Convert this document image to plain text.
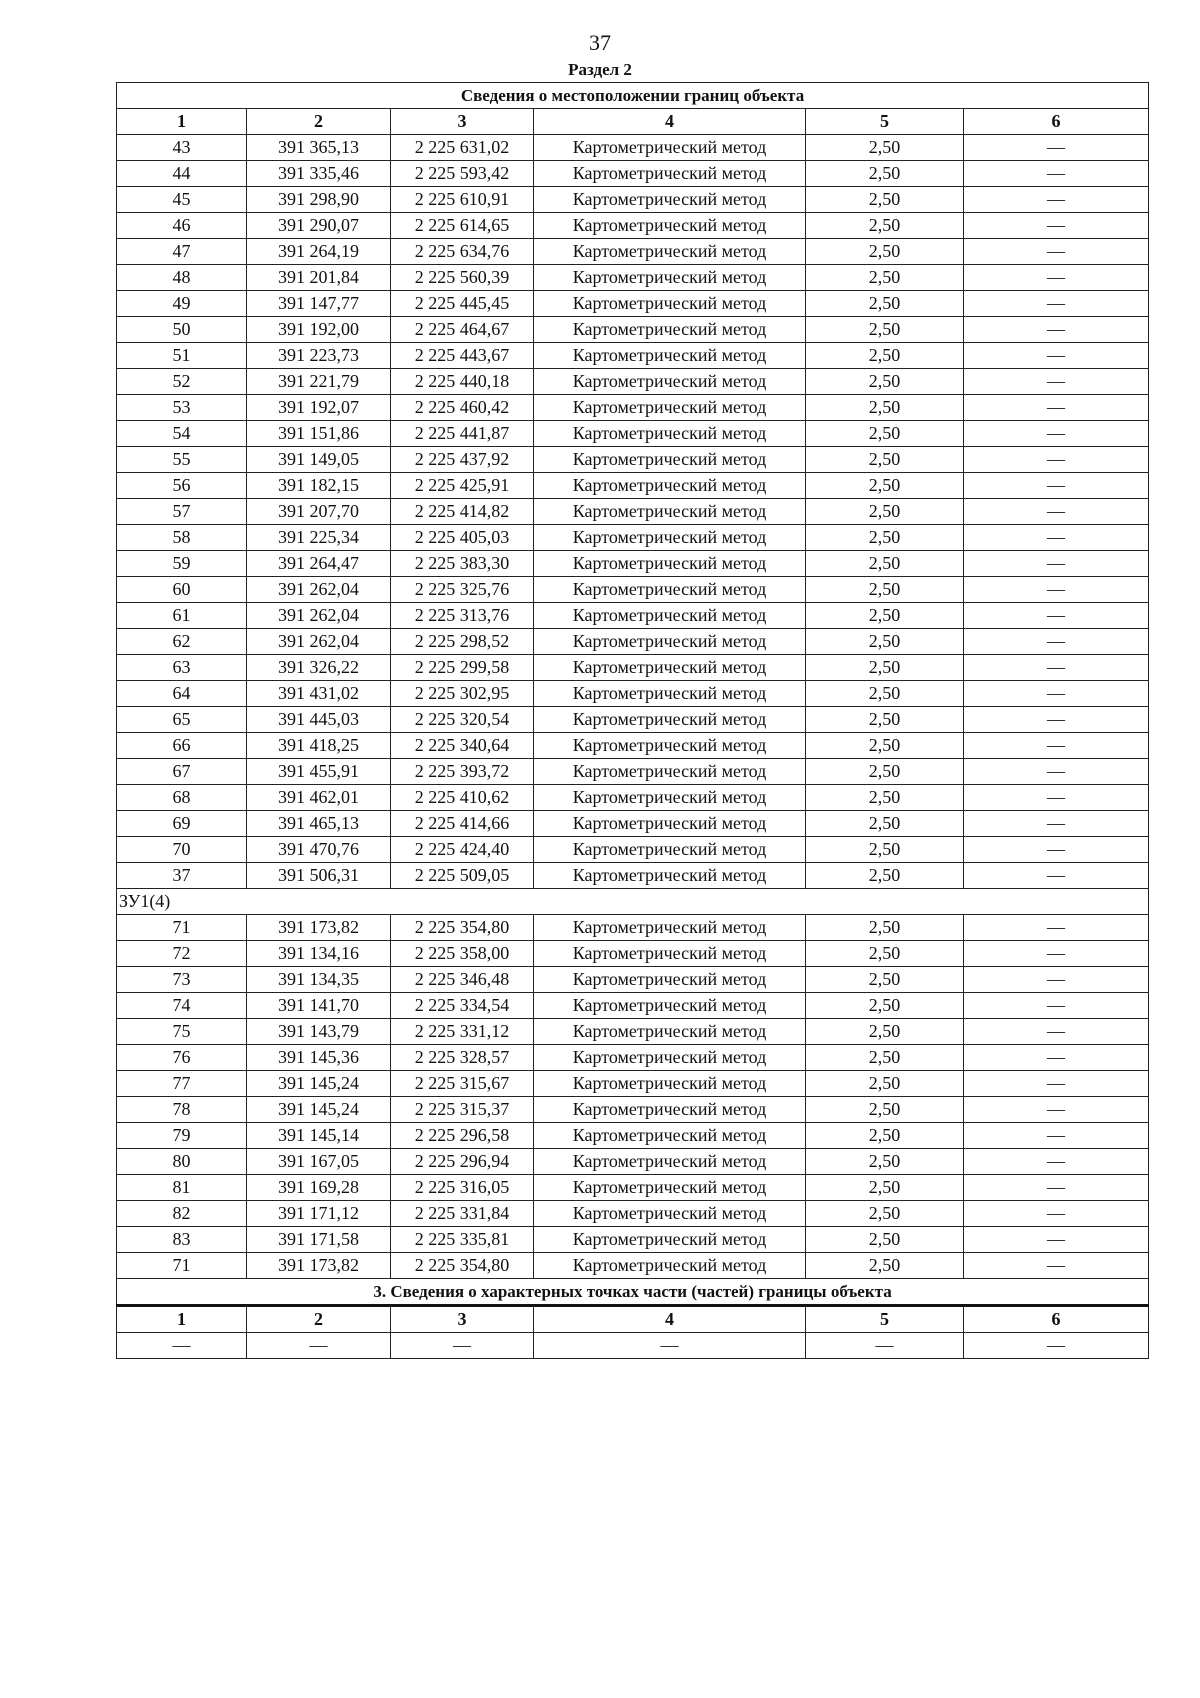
37
Сведения о местоположении границ объекта					
1	2	3	4	5	6
43	391 365,13	2 225 631,02	Картометрический метод	2,50	—
44	391 335,46	2 225 593,42	Картометрический метод	2,50	—
45	391 298,90	2 225 610,91	Картометрический метод	2,50	—
46	391 290,07	2 225 614,65	Картометрический метод	2,50	—
47	391 264,19	2 225 634,76	Картометрический метод	2,50	—
48	391 201,84	2 225 560,39	Картометрический метод	2,50	—
49	391 147,77	2 225 445,45	Картометрический метод	2,50	—
50	391 192,00	2 225 464,67	Картометрический метод	2,50	—
51	391 223,73	2 225 443,67	Картометрический метод	2,50	—
52	391 221,79	2 225 440,18	Картометрический метод	2,50	—
53	391 192,07	2 225 460,42	Картометрический метод	2,50	—
54	391 151,86	2 225 441,87	Картометрический метод	2,50	—
55	391 149,05	2 225 437,92	Картометрический метод	2,50	—
56	391 182,15	2 225 425,91	Картометрический метод	2,50	—
57	391 207,70	2 225 414,82	Картометрический метод	2,50	—
58	391 225,34	2 225 405,03	Картометрический метод	2,50	—
59	391 264,47	2 225 383,30	Картометрический метод	2,50	—
60	391 262,04	2 225 325,76	Картометрический метод	2,50	—
61	391 262,04	2 225 313,76	Картометрический метод	2,50	—
62	391 262,04	2 225 298,52	Картометрический метод	2,50	—
63	391 326,22	2 225 299,58	Картометрический метод	2,50	—
64	391 431,02	2 225 302,95	Картометрический метод	2,50	—
65	391 445,03	2 225 320,54	Картометрический метод	2,50	—
66	391 418,25	2 225 340,64	Картометрический метод	2,50	—
67	391 455,91	2 225 393,72	Картометрический метод	2,50	—
68	391 462,01	2 225 410,62	Картометрический метод	2,50	—
69	391 465,13	2 225 414,66	Картометрический метод	2,50	—
70	391 470,76	2 225 424,40	Картометрический метод	2,50	—
37	391 506,31	2 225 509,05	Картометрический метод	2,50	—
ЗУ1(4)					
71	391 173,82	2 225 354,80	Картометрический метод	2,50	—
72	391 134,16	2 225 358,00	Картометрический метод	2,50	—
73	391 134,35	2 225 346,48	Картометрический метод	2,50	—
74	391 141,70	2 225 334,54	Картометрический метод	2,50	—
75	391 143,79	2 225 331,12	Картометрический метод	2,50	—
76	391 145,36	2 225 328,57	Картометрический метод	2,50	—
77	391 145,24	2 225 315,67	Картометрический метод	2,50	—
78	391 145,24	2 225 315,37	Картометрический метод	2,50	—
79	391 145,14	2 225 296,58	Картометрический метод	2,50	—
80	391 167,05	2 225 296,94	Картометрический метод	2,50	—
81	391 169,28	2 225 316,05	Картометрический метод	2,50	—
82	391 171,12	2 225 331,84	Картометрический метод	2,50	—
83	391 171,58	2 225 335,81	Картометрический метод	2,50	—
71	391 173,82	2 225 354,80	Картометрический метод	2,50	—
3. Сведения о характерных точках части (частей) границы объекта					
1	2	3	4	5	6
—	—	—	—	—	—
Раздел 2
